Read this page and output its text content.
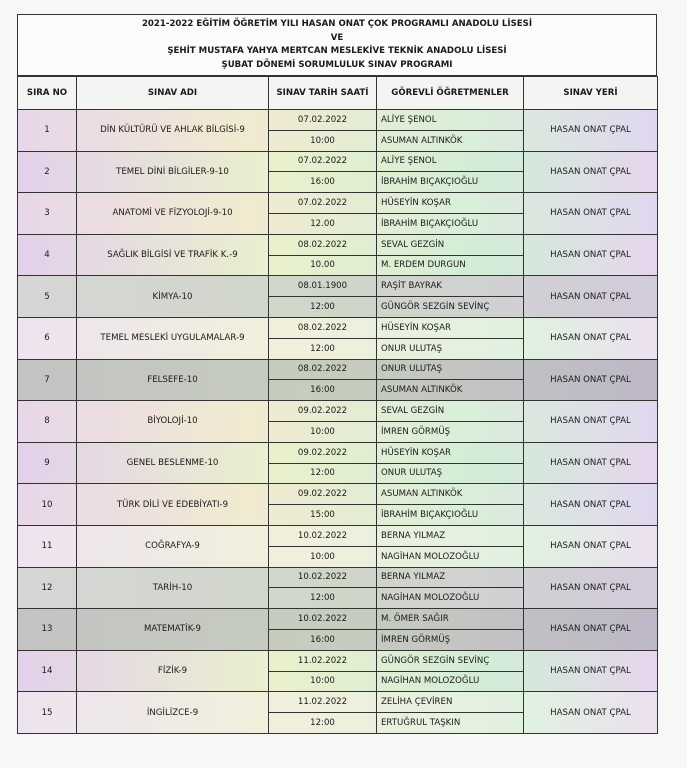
2021-2022 EĞİTİM ÖĞRETİM YILI HASAN ONAT ÇOK PROGRAMLI ANADOLU LİSESİ
VE
ŞEHİT MUSTAFA YAHYA MERTCAN MESLEKİVE TEKNİK ANADOLU LİSESİ
ŞUBAT DÖNEMİ SORUMLULUK SINAV PROGRAMI
SIRA NO	SINAV ADI	SINAV TARİH SAATİ	GÖREVLİ ÖĞRETMENLER	SINAV YERİ
1	DİN KÜLTÜRÜ VE AHLAK BİLGİSİ-9	07.02.2022	ALİYE ŞENOL	HASAN ONAT ÇPAL
		10:00	ASUMAN ALTINKÖK	
2	TEMEL DİNİ BİLGİLER-9-10	07.02.2022	ALİYE ŞENOL	HASAN ONAT ÇPAL
		16:00	İBRAHİM BIÇAKÇIOĞLU	
3	ANATOMİ VE FİZYOLOJİ-9-10	07.02.2022	HÜSEYİN KOŞAR	HASAN ONAT ÇPAL
		12.00	İBRAHİM BIÇAKÇIOĞLU	
4	SAĞLIK BİLGİSİ VE TRAFİK K.-9	08.02.2022	SEVAL GEZGİN	HASAN ONAT ÇPAL
		10.00	M. ERDEM DURGUN	
5	KİMYA-10	08.01.1900	RAŞİT BAYRAK	HASAN ONAT ÇPAL
		12:00	GÜNGÖR SEZGİN SEVİNÇ	
6	TEMEL MESLEKİ UYGULAMALAR-9	08.02.2022	HÜSEYİN KOŞAR	HASAN ONAT ÇPAL
		12:00	ONUR ULUTAŞ	
7	FELSEFE-10	08.02.2022	ONUR ULUTAŞ	HASAN ONAT ÇPAL
		16:00	ASUMAN ALTINKÖK	
8	BİYOLOJİ-10	09.02.2022	SEVAL GEZGİN	HASAN ONAT ÇPAL
		10:00	İMREN GÖRMÜŞ	
9	GENEL BESLENME-10	09.02.2022	HÜSEYİN KOŞAR	HASAN ONAT ÇPAL
		12:00	ONUR ULUTAŞ	
10	TÜRK DİLİ VE EDEBİYATI-9	09.02.2022	ASUMAN ALTINKÖK	HASAN ONAT ÇPAL
		15:00	İBRAHİM BIÇAKÇIOĞLU	
11	COĞRAFYA-9	10.02.2022	BERNA YILMAZ	HASAN ONAT ÇPAL
		10:00	NAGİHAN MOLOZOĞLU	
12	TARİH-10	10.02.2022	BERNA YILMAZ	HASAN ONAT ÇPAL
		12:00	NAGİHAN MOLOZOĞLU	
13	MATEMATİK-9	10.02.2022	M. ÖMER SAĞIR	HASAN ONAT ÇPAL
		16:00	İMREN GÖRMÜŞ	
14	FİZİK-9	11.02.2022	GÜNGÖR SEZGİN SEVİNÇ	HASAN ONAT ÇPAL
		10:00	NAGİHAN MOLOZOĞLU	
15	İNGİLİZCE-9	11.02.2022	ZELİHA ÇEVİREN	HASAN ONAT ÇPAL
		12:00	ERTUĞRUL TAŞKIN	
